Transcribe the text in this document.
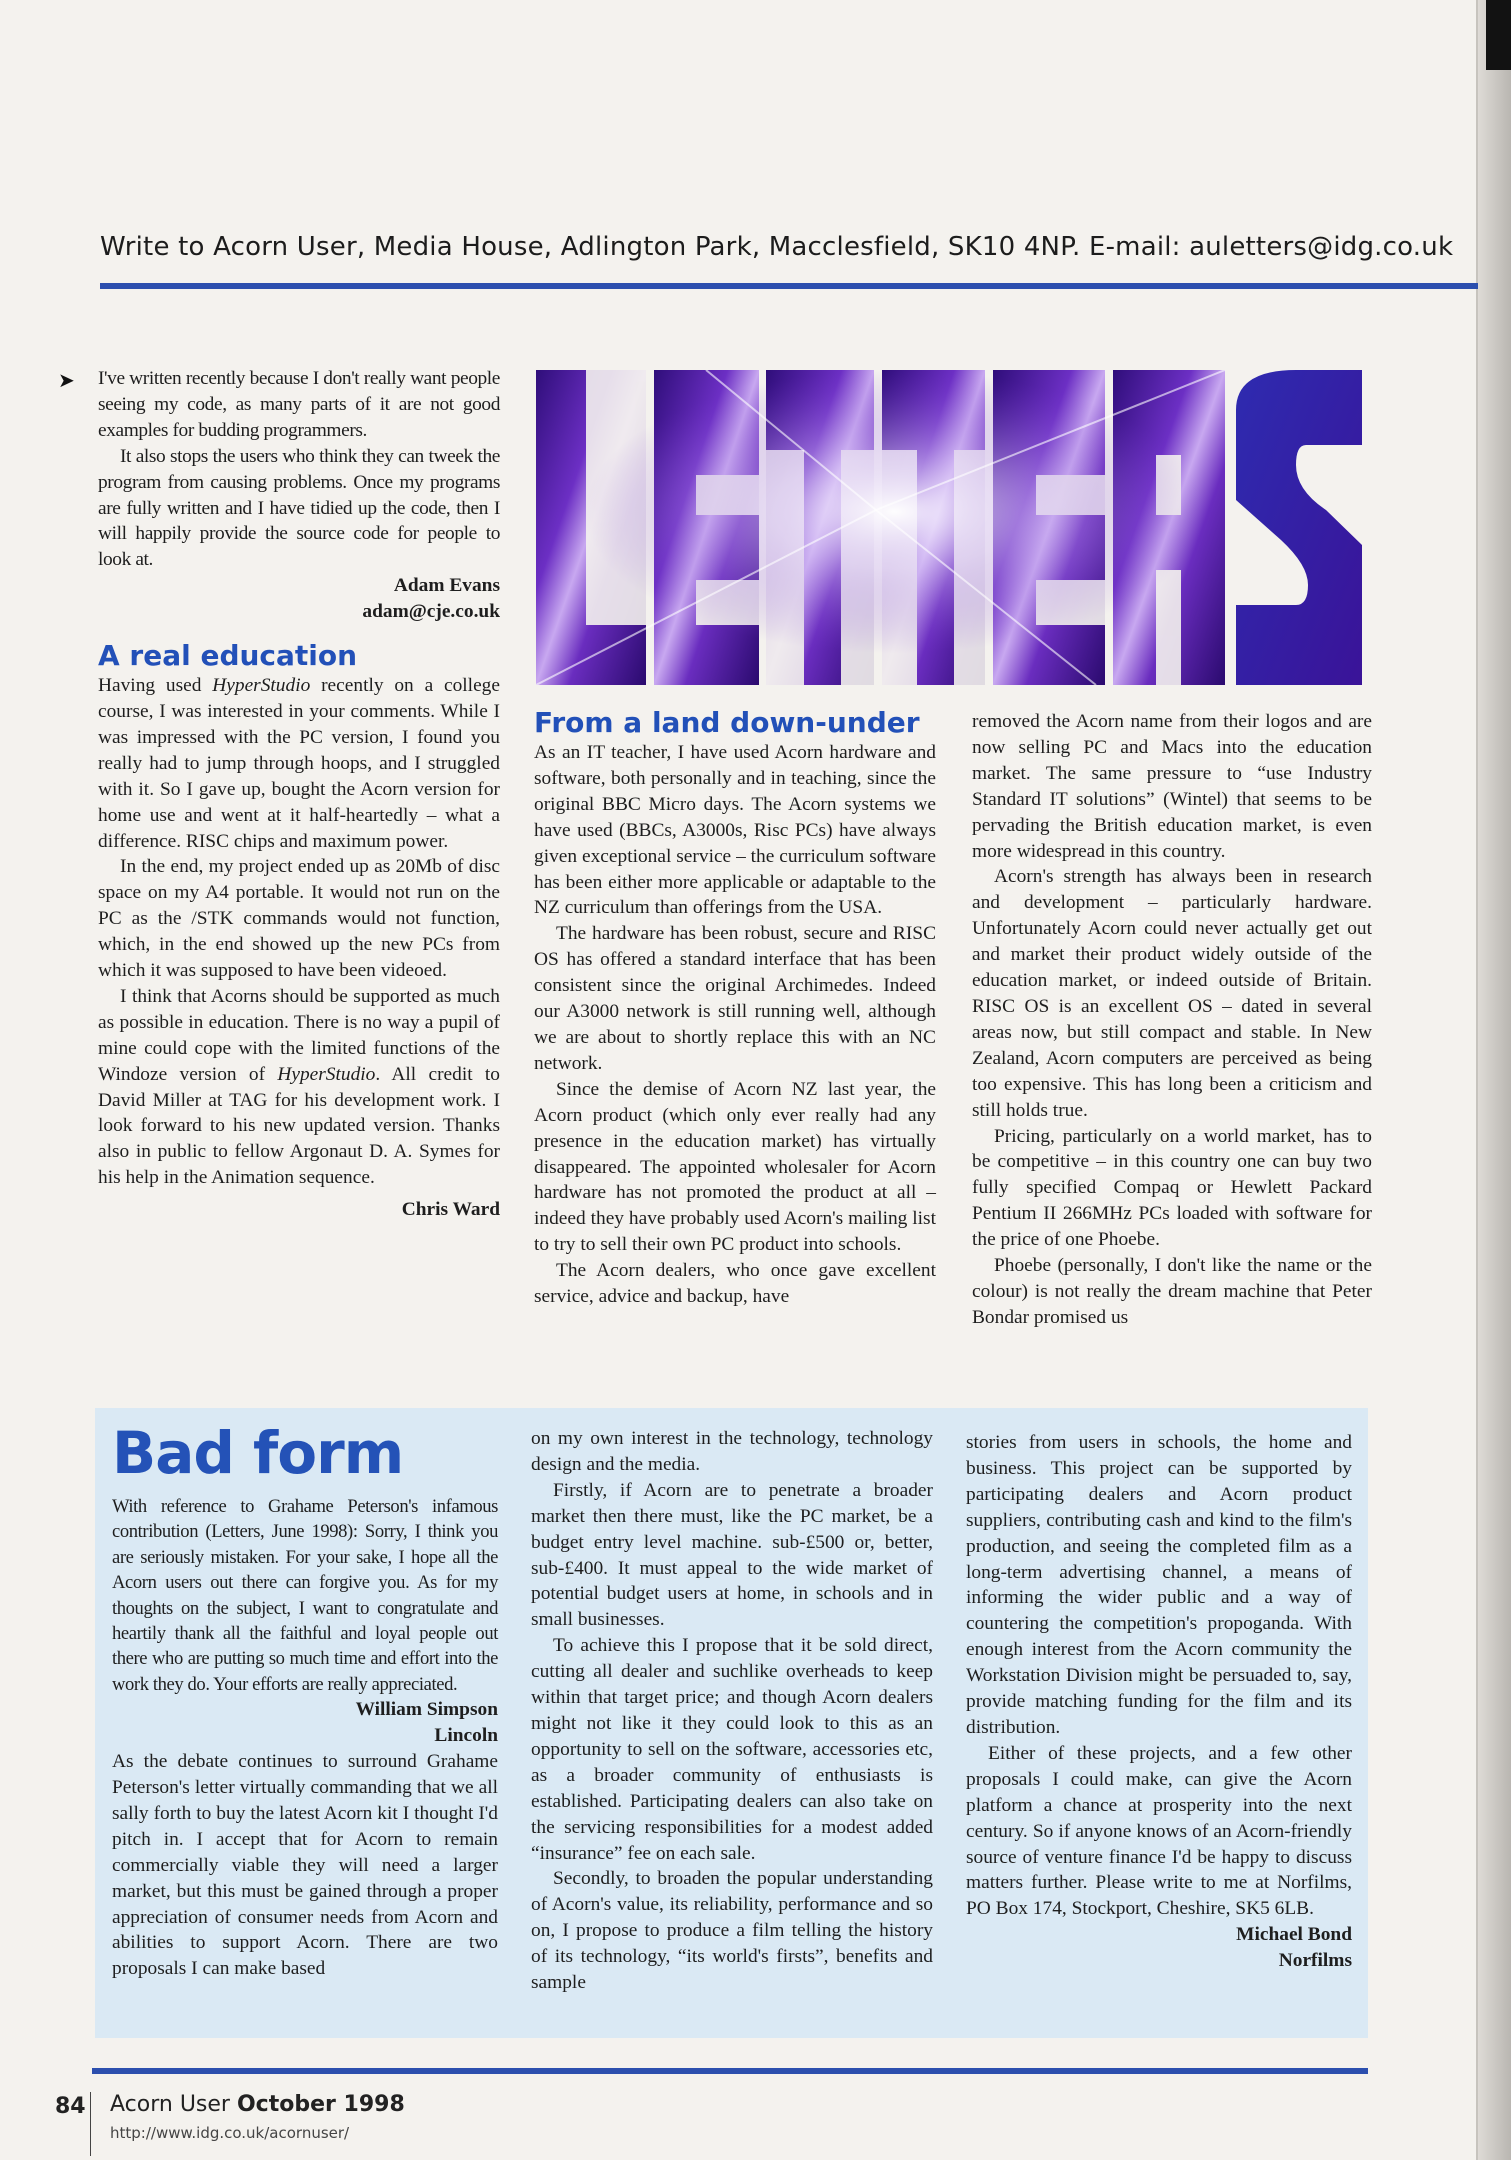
Write to Acorn User, Media House, Adlington Park, Macclesfield, SK10 4NP. E-mail: auletters@idg.co.uk
➤ I've written recently because I don't really want people seeing my code, as many parts of it are not good examples for budding programmers.

It also stops the users who think they can tweek the program from causing problems. Once my programs are fully written and I have tidied up the code, then I will happily provide the source code for people to look at.

Adam Evans

adam@cje.co.uk

A real education

Having used HyperStudio recently on a college course, I was interested in your comments. While I was impressed with the PC version, I found you really had to jump through hoops, and I struggled with it. So I gave up, bought the Acorn version for home use and went at it half-heartedly – what a difference. RISC chips and maximum power.

In the end, my project ended up as 20Mb of disc space on my A4 portable. It would not run on the PC as the /STK commands would not function, which, in the end showed up the new PCs from which it was supposed to have been videoed.

I think that Acorns should be supported as much as possible in education. There is no way a pupil of mine could cope with the limited functions of the Windoze version of HyperStudio. All credit to David Miller at TAG for his development work. I look forward to his new updated version. Thanks also in public to fellow Argonaut D. A. Symes for his help in the Animation sequence.

Chris Ward

From a land down-under

As an IT teacher, I have used Acorn hardware and software, both personally and in teaching, since the original BBC Micro days. The Acorn systems we have used (BBCs, A3000s, Risc PCs) have always given exceptional service – the curriculum software has been either more applicable or adaptable to the NZ curriculum than offerings from the USA.

The hardware has been robust, secure and RISC OS has offered a standard interface that has been consistent since the original Archimedes. Indeed our A3000 network is still running well, although we are about to shortly replace this with an NC network.

Since the demise of Acorn NZ last year, the Acorn product (which only ever really had any presence in the education market) has virtually disappeared. The appointed wholesaler for Acorn hardware has not promoted the product at all – indeed they have probably used Acorn's mailing list to try to sell their own PC product into schools.

The Acorn dealers, who once gave excellent service, advice and backup, have

removed the Acorn name from their logos and are now selling PC and Macs into the education market. The same pressure to “use Industry Standard IT solutions” (Wintel) that seems to be pervading the British education market, is even more widespread in this country.

Acorn's strength has always been in research and development – particularly hardware. Unfortunately Acorn could never actually get out and market their product widely outside of the education market, or indeed outside of Britain. RISC OS is an excellent OS – dated in several areas now, but still compact and stable. In New Zealand, Acorn computers are perceived as being too expensive. This has long been a criticism and still holds true.

Pricing, particularly on a world market, has to be competitive – in this country one can buy two fully specified Compaq or Hewlett Packard Pentium II 266MHz PCs loaded with software for the price of one Phoebe.

Phoebe (personally, I don't like the name or the colour) is not really the dream machine that Peter Bondar promised us

Bad form

With reference to Grahame Peterson's infamous contribution (Letters, June 1998): Sorry, I think you are seriously mistaken. For your sake, I hope all the Acorn users out there can forgive you. As for my thoughts on the subject, I want to congratulate and heartily thank all the faithful and loyal people out there who are putting so much time and effort into the work they do. Your efforts are really appreciated.

William Simpson

Lincoln

As the debate continues to surround Grahame Peterson's letter virtually commanding that we all sally forth to buy the latest Acorn kit I thought I'd pitch in. I accept that for Acorn to remain commercially viable they will need a larger market, but this must be gained through a proper appreciation of consumer needs from Acorn and abilities to support Acorn. There are two proposals I can make based

on my own interest in the technology, technology design and the media.

Firstly, if Acorn are to penetrate a broader market then there must, like the PC market, be a budget entry level machine. sub-£500 or, better, sub-£400. It must appeal to the wide market of potential budget users at home, in schools and in small businesses.

To achieve this I propose that it be sold direct, cutting all dealer and suchlike overheads to keep within that target price; and though Acorn dealers might not like it they could look to this as an opportunity to sell on the software, accessories etc, as a broader community of enthusiasts is established. Participating dealers can also take on the servicing responsibilities for a modest added “insurance” fee on each sale.

Secondly, to broaden the popular understanding of Acorn's value, its reliability, performance and so on, I propose to produce a film telling the history of its technology, “its world's firsts”, benefits and sample

stories from users in schools, the home and business. This project can be supported by participating dealers and Acorn product suppliers, contributing cash and kind to the film's production, and seeing the completed film as a long-term advertising channel, a means of informing the wider public and a way of countering the competition's propoganda. With enough interest from the Acorn community the Workstation Division might be persuaded to, say, provide matching funding for the film and its distribution.

Either of these projects, and a few other proposals I could make, can give the Acorn platform a chance at prosperity into the next century. So if anyone knows of an Acorn-friendly source of venture finance I'd be happy to discuss matters further. Please write to me at Norfilms, PO Box 174, Stockport, Cheshire, SK5 6LB.

Michael Bond

Norfilms

84 Acorn User October 1998
http://www.idg.co.uk/acornuser/
